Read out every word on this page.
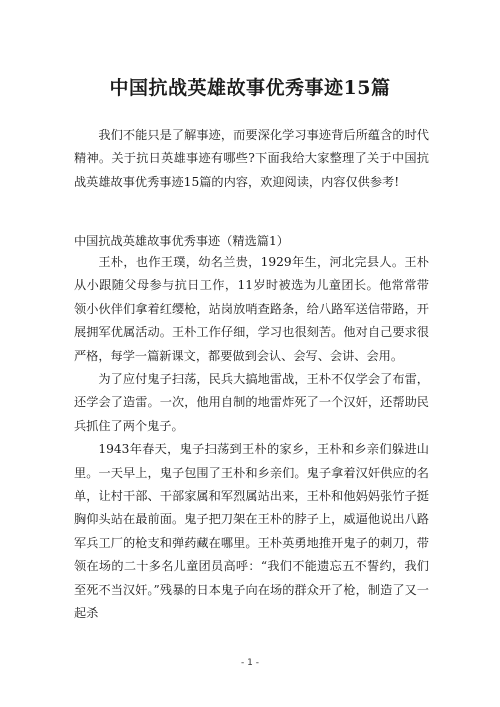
中国抗战英雄故事优秀事迹15篇
我们不能只是了解事迹，而要深化学习事迹背后所蕴含的时代精神。关于抗日英雄事迹有哪些?下面我给大家整理了关于中国抗战英雄故事优秀事迹15篇的内容，欢迎阅读，内容仅供参考!
中国抗战英雄故事优秀事迹（精选篇1）

王朴，也作王璞，幼名兰贵，1929年生，河北完县人。王朴从小跟随父母参与抗日工作，11岁时被选为儿童团长。他常常带领小伙伴们拿着红缨枪，站岗放哨查路条，给八路军送信带路，开展拥军优属活动。王朴工作仔细，学习也很刻苦。他对自己要求很严格，每学一篇新课文，都要做到会认、会写、会讲、会用。

为了应付鬼子扫荡，民兵大搞地雷战，王朴不仅学会了布雷，还学会了造雷。一次，他用自制的地雷炸死了一个汉奸，还帮助民兵抓住了两个鬼子。

1943年春天，鬼子扫荡到王朴的家乡，王朴和乡亲们躲进山里。一天早上，鬼子包围了王朴和乡亲们。鬼子拿着汉奸供应的名单，让村干部、干部家属和军烈属站出来，王朴和他妈妈张竹子挺胸仰头站在最前面。鬼子把刀架在王朴的脖子上，威逼他说出八路军兵工厂的枪支和弹药藏在哪里。王朴英勇地推开鬼子的刺刀，带领在场的二十多名儿童团员高呼：“我们不能遗忘五不誓约，我们至死不当汉奸。”残暴的日本鬼子向在场的群众开了枪，制造了又一起杀

- 1 -
